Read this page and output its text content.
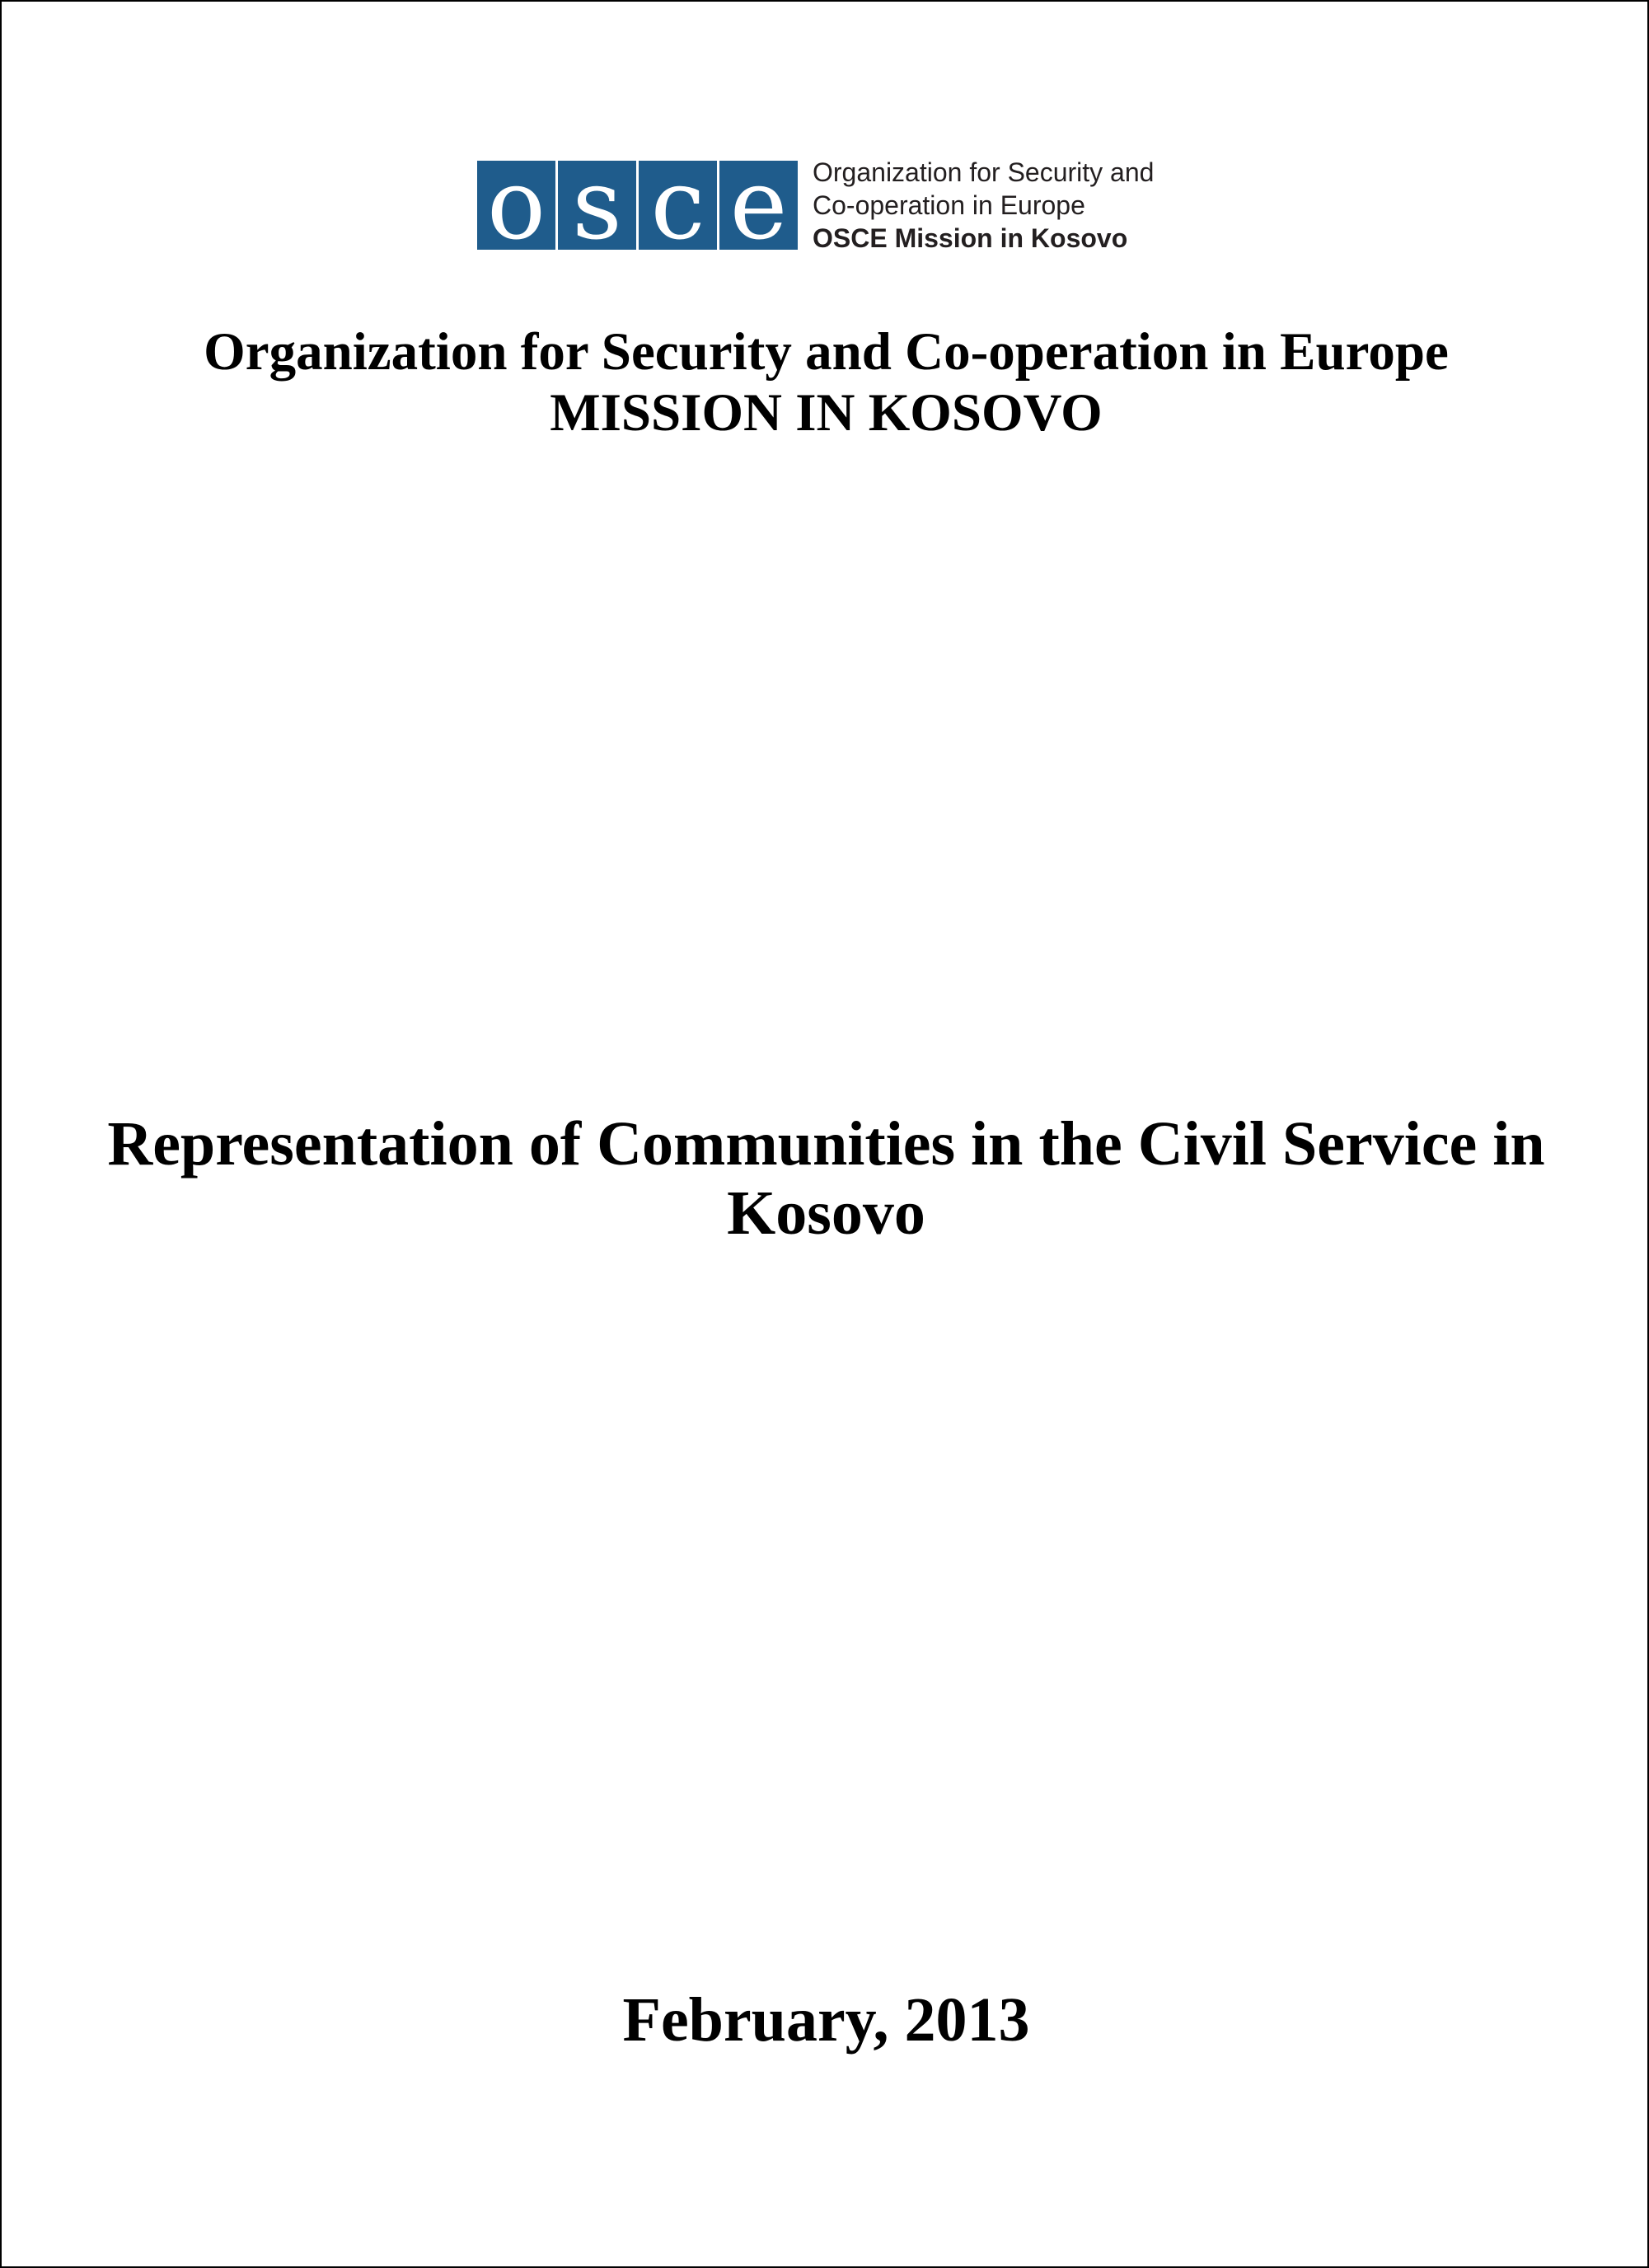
o s c e Organization for Security and
Co-operation in Europe
OSCE Mission in Kosovo
Organization for Security and Co-operation in Europe
MISSION IN KOSOVO
Representation of Communities in the Civil Service in
Kosovo
February, 2013
